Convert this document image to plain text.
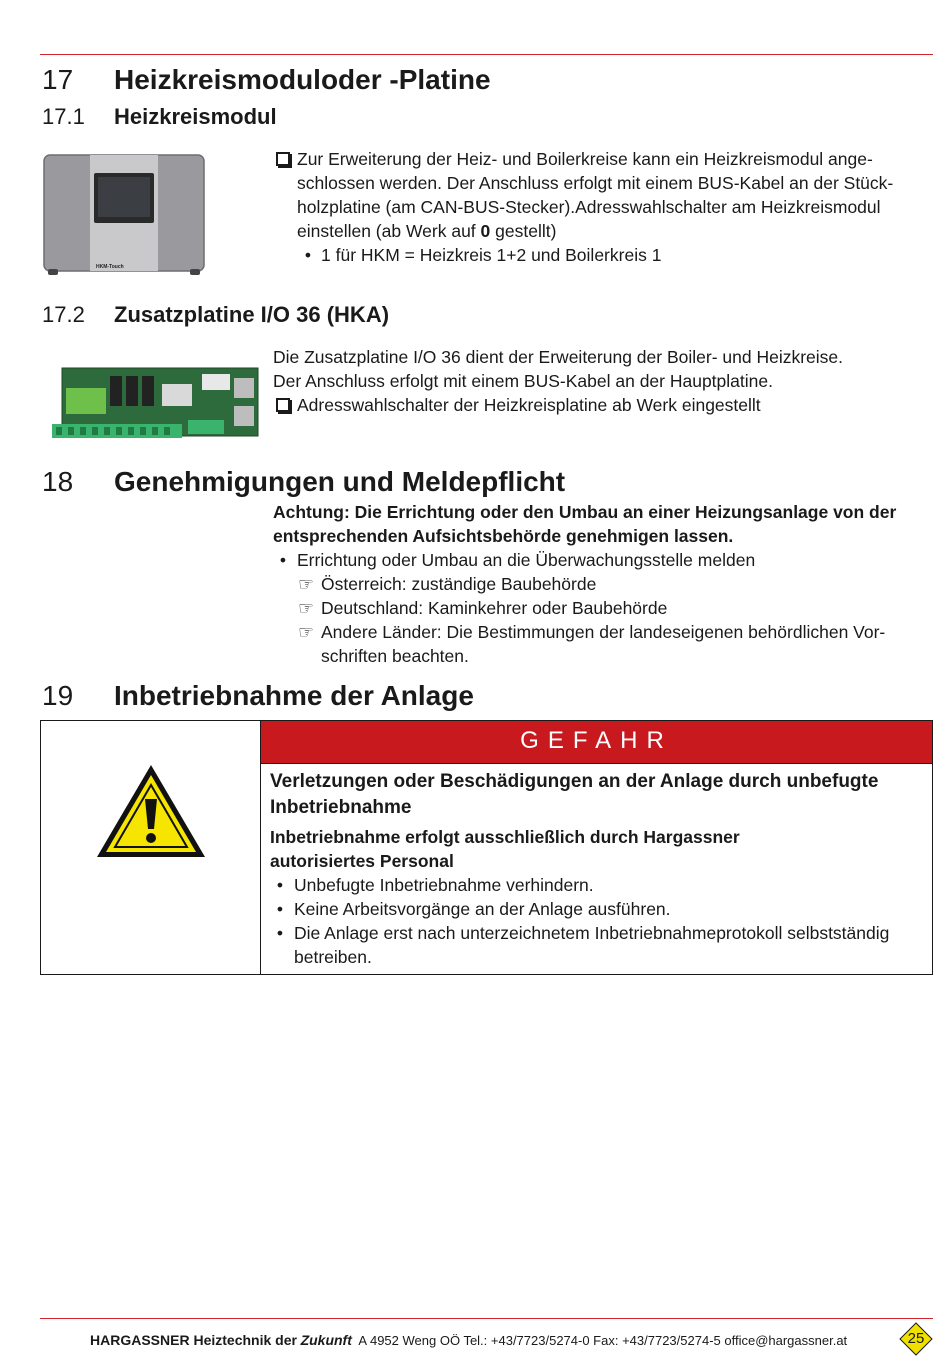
17 Heizkreismoduloder -Platine
17.1 Heizkreismodul
HKM-Touch
Zur Erweiterung der Heiz- und Boilerkreise kann ein Heizkreismodul ange-
schlossen werden. Der Anschluss erfolgt mit einem BUS-Kabel an der Stück-
holzplatine (am CAN-BUS-Stecker).Adresswahlschalter am Heizkreismodul
einstellen (ab Werk auf 0 gestellt)
• 1 für HKM = Heizkreis 1+2 und Boilerkreis 1
17.2 Zusatzplatine I/O 36 (HKA)
Die Zusatzplatine I/O 36 dient der Erweiterung der Boiler- und Heizkreise.
Der Anschluss erfolgt mit einem BUS-Kabel an der Hauptplatine.
Adresswahlschalter der Heizkreisplatine ab Werk eingestellt
18 Genehmigungen und Meldepflicht
Achtung: Die Errichtung oder den Umbau an einer Heizungsanlage von der
entsprechenden Aufsichtsbehörde genehmigen lassen.
• Errichtung oder Umbau an die Überwachungsstelle melden
☞ Österreich: zuständige Baubehörde
☞ Deutschland: Kaminkehrer oder Baubehörde
☞ Andere Länder: Die Bestimmungen der landeseigenen behördlichen Vor-
schriften beachten.
19 Inbetriebnahme der Anlage
GEFAHR
Verletzungen oder Beschädigungen an der Anlage durch unbefugte
Inbetriebnahme
Inbetriebnahme erfolgt ausschließlich durch Hargassner
autorisiertes Personal
• Unbefugte Inbetriebnahme verhindern.
• Keine Arbeitsvorgänge an der Anlage ausführen.
• Die Anlage erst nach unterzeichnetem Inbetriebnahmeprotokoll selbstständig
betreiben.
HARGASSNER Heiztechnik der Zukunft A 4952 Weng OÖ Tel.: +43/7723/5274-0 Fax: +43/7723/5274-5 office@hargassner.at	25
